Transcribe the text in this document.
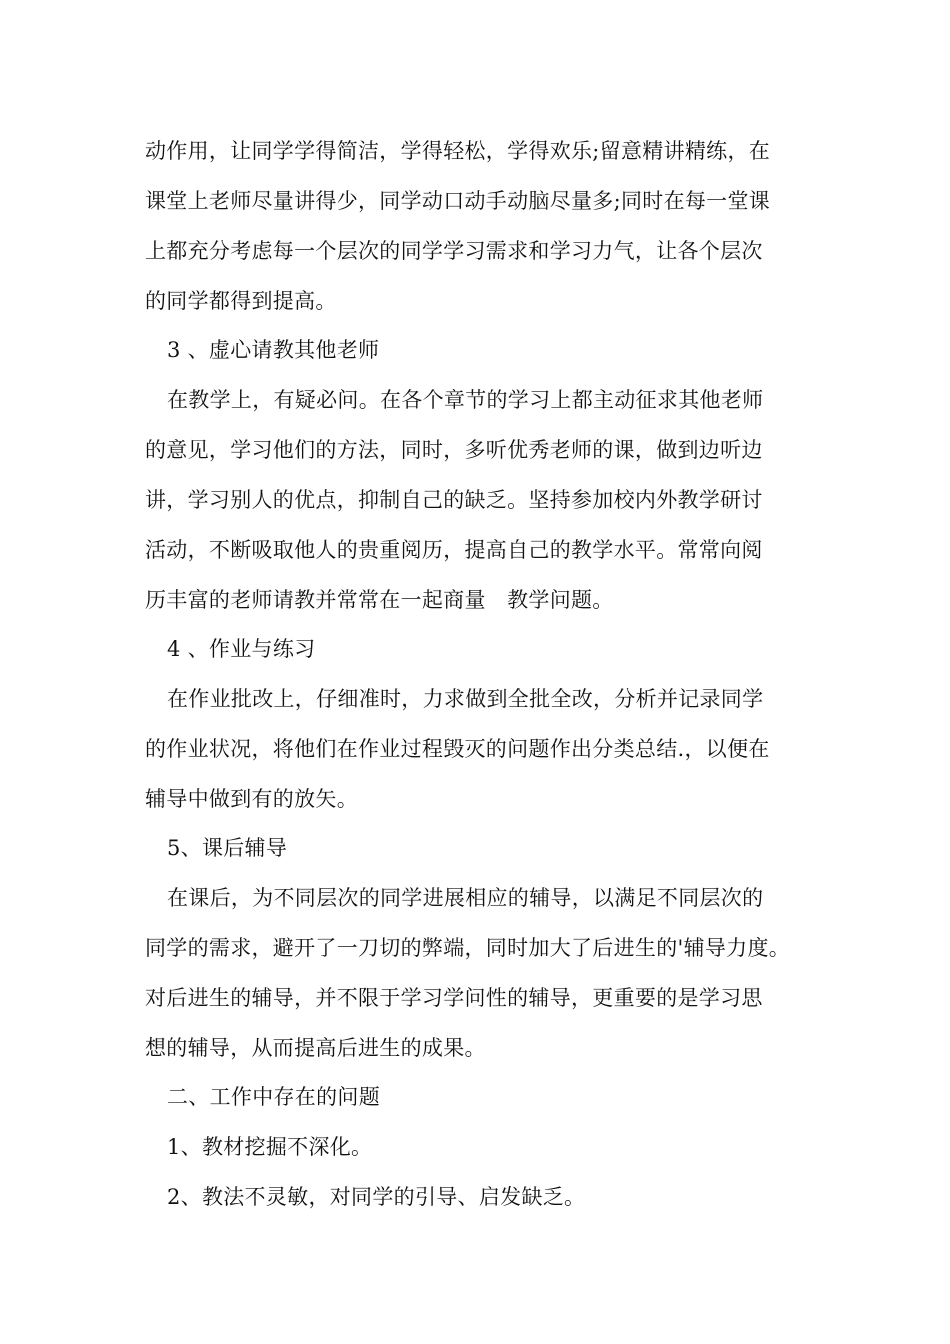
动作用，让同学学得简洁，学得轻松，学得欢乐;留意精讲精练，在
课堂上老师尽量讲得少，同学动口动手动脑尽量多;同时在每一堂课
上都充分考虑每一个层次的同学学习需求和学习力气，让各个层次
的同学都得到提高。
3 、虚心请教其他老师
在教学上，有疑必问。在各个章节的学习上都主动征求其他老师
的意见，学习他们的方法，同时，多听优秀老师的课，做到边听边
讲，学习别人的优点，抑制自己的缺乏。坚持参加校内外教学研讨
活动，不断吸取他人的贵重阅历，提高自己的教学水平。常常向阅
历丰富的老师请教并常常在一起商量　教学问题。
4 、作业与练习
在作业批改上，仔细准时，力求做到全批全改，分析并记录同学
的作业状况，将他们在作业过程毁灭的问题作出分类总结.，以便在
辅导中做到有的放矢。
5、课后辅导
在课后，为不同层次的同学进展相应的辅导，以满足不同层次的
同学的需求，避开了一刀切的弊端，同时加大了后进生的'辅导力度。
对后进生的辅导，并不限于学习学问性的辅导，更重要的是学习思
想的辅导，从而提高后进生的成果。
二、工作中存在的问题
1、教材挖掘不深化。
2、教法不灵敏，对同学的引导、启发缺乏。
